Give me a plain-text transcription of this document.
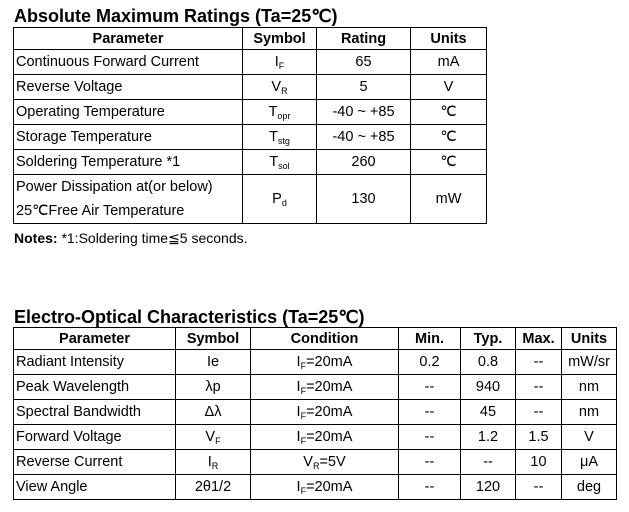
Absolute Maximum Ratings (Ta=25℃)
Parameter	Symbol	Rating	Units
Continuous Forward Current	$I_F$	65	mA
Reverse Voltage	$V_R$	5	V
Operating Temperature	$T_{opr}$	-40 ~ +85	℃
Storage Temperature	$T_{stg}$	-40 ~ +85	℃
Soldering Temperature *1	$T_{sol}$	260	℃
Power Dissipation at(or below)
25℃Free Air Temperature	$P_d$	130	mW
Notes: *1:Soldering time≦5 seconds.
Electro-Optical Characteristics (Ta=25℃)
Parameter	Symbol	Condition	Min.	Typ.	Max.	Units
Radiant Intensity	Ie	$I_F=20mA$	0.2	0.8	--	mW/sr
Peak Wavelength	λp	$I_F=20mA$	--	940	--	nm
Spectral Bandwidth	Δλ	$I_F=20mA$	--	45	--	nm
Forward Voltage	$V_F$	$I_F=20mA$	--	1.2	1.5	V
Reverse Current	$I_R$	$V_R=5V$	--	--	10	μA
View Angle	2θ1/2	$I_F=20mA$	--	120	--	deg
